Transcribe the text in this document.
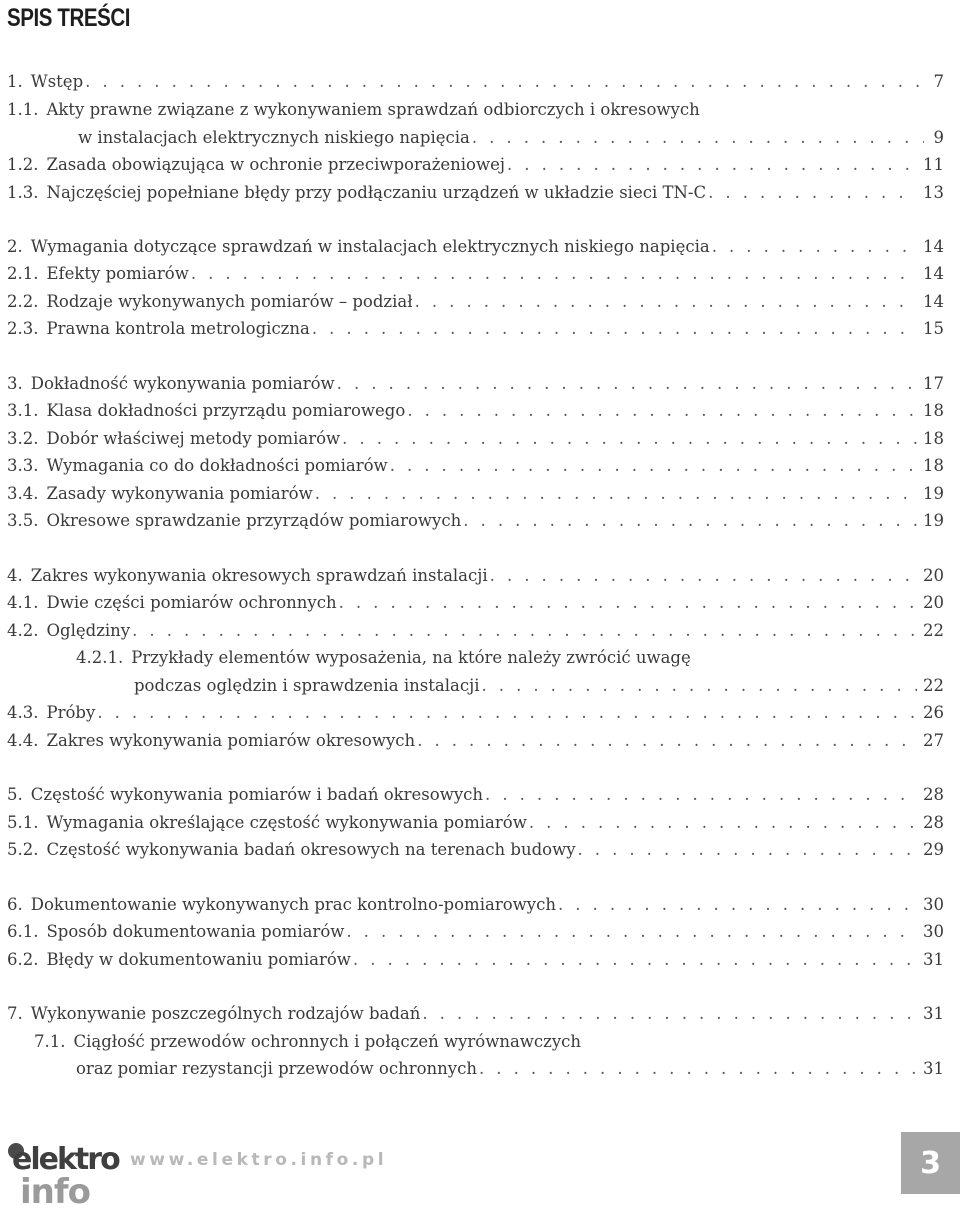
SPIS TREŚCI
1. Wstęp . . .	7
1.1. Akty prawne związane z wykonywaniem sprawdzań odbiorczych i okresowych
w instalacjach elektrycznych niskiego napięcia . . .	9
1.2. Zasada obowiązująca w ochronie przeciwporażeniowej . . .	11
1.3. Najczęściej popełniane błędy przy podłączaniu urządzeń w układzie sieci TN-C . . .	13
2. Wymagania dotyczące sprawdzań w instalacjach elektrycznych niskiego napięcia . . .	14
2.1. Efekty pomiarów . . .	14
2.2. Rodzaje wykonywanych pomiarów – podział . . .	14
2.3. Prawna kontrola metrologiczna . . .	15
3. Dokładność wykonywania pomiarów . . .	17
3.1. Klasa dokładności przyrządu pomiarowego . . .	18
3.2. Dobór właściwej metody pomiarów . . .	18
3.3. Wymagania co do dokładności pomiarów . . .	18
3.4. Zasady wykonywania pomiarów . . .	19
3.5. Okresowe sprawdzanie przyrządów pomiarowych . . .	19
4. Zakres wykonywania okresowych sprawdzań instalacji . . .	20
4.1. Dwie części pomiarów ochronnych . . .	20
4.2. Oględziny . . .	22
4.2.1. Przykłady elementów wyposażenia, na które należy zwrócić uwagę
podczas oględzin i sprawdzenia instalacji . . .	22
4.3. Próby . . .	26
4.4. Zakres wykonywania pomiarów okresowych . . .	27
5. Częstość wykonywania pomiarów i badań okresowych . . .	28
5.1. Wymagania określające częstość wykonywania pomiarów . . .	28
5.2. Częstość wykonywania badań okresowych na terenach budowy . . .	29
6. Dokumentowanie wykonywanych prac kontrolno-pomiarowych . . .	30
6.1. Sposób dokumentowania pomiarów . . .	30
6.2. Błędy w dokumentowaniu pomiarów . . .	31
7. Wykonywanie poszczególnych rodzajów badań . . .	31
7.1. Ciągłość przewodów ochronnych i połączeń wyrównawczych
oraz pomiar rezystancji przewodów ochronnych . . .	31
elektro
info
www.elektro.info.pl	3
